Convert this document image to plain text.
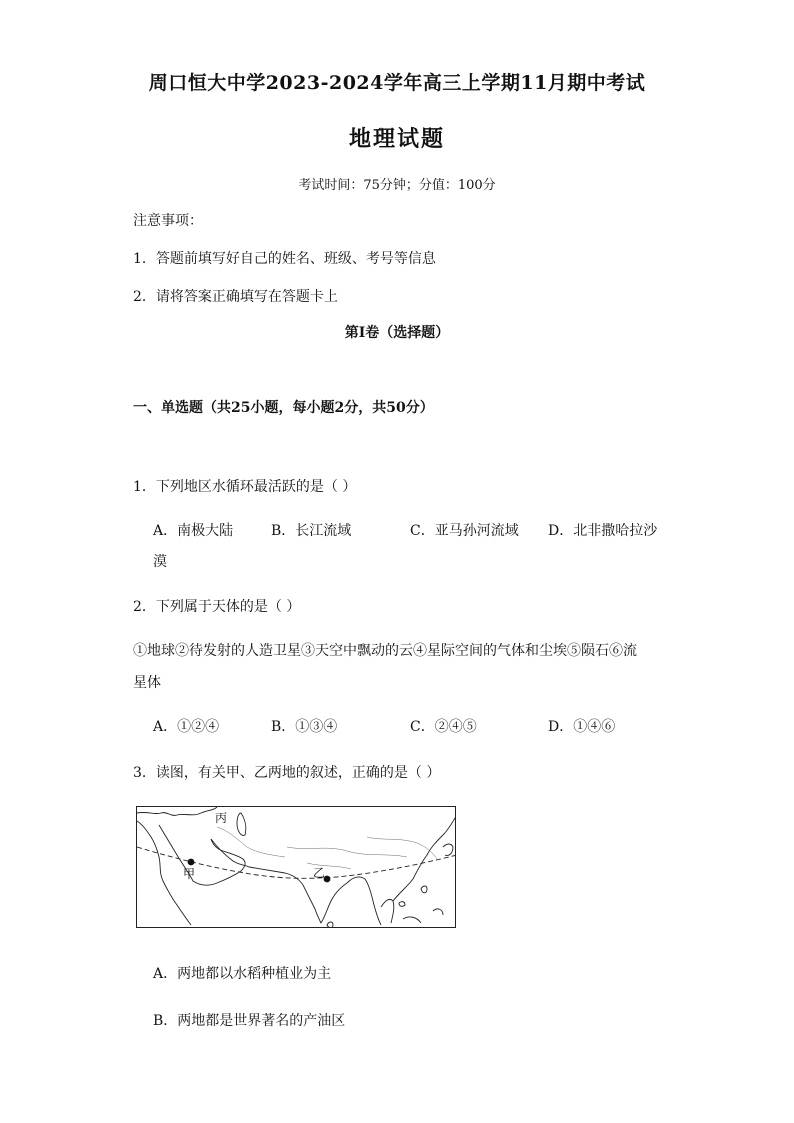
周口恒大中学2023-2024学年高三上学期11月期中考试
地理试题
考试时间：75分钟；分值：100分
注意事项：
1．答题前填写好自己的姓名、班级、考号等信息
2．请将答案正确填写在答题卡上
第I卷（选择题）
一、单选题（共25小题，每小题2分，共50分）
1．下列地区水循环最活跃的是（ ）
A．南极大陆	B．长江流域	C．亚马孙河流域 D．北非撒哈拉沙
漠
2．下列属于天体的是（ ）
①地球②待发射的人造卫星③天空中飘动的云④星际空间的气体和尘埃⑤陨石⑥流
星体
A．①②④	B．①③④	C．②④⑤	D．①④⑥
3．读图，有关甲、乙两地的叙述，正确的是（ ）
丙
甲	乙
A．两地都以水稻种植业为主
B．两地都是世界著名的产油区
